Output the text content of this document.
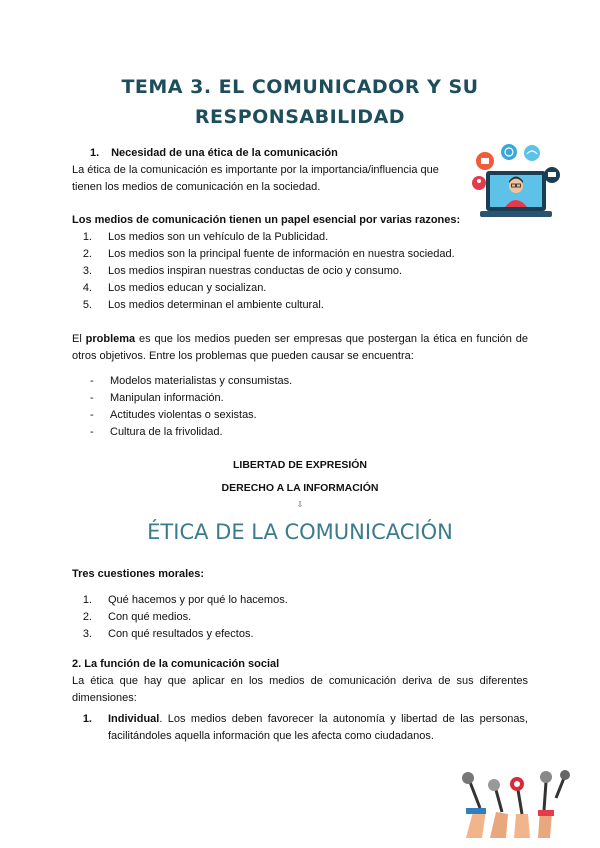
TEMA 3. EL COMUNICADOR Y SU
RESPONSABILIDAD
1. Necesidad de una ética de la comunicación
La ética de la comunicación es importante por la importancia/influencia que tienen los medios de comunicación en la sociedad.
Los medios de comunicación tienen un papel esencial por varias razones:
1. Los medios son un vehículo de la Publicidad.
2. Los medios son la principal fuente de información en nuestra sociedad.
3. Los medios inspiran nuestras conductas de ocio y consumo.
4. Los medios educan y socializan.
5. Los medios determinan el ambiente cultural.
El problema es que los medios pueden ser empresas que postergan la ética en función de otros objetivos. Entre los problemas que pueden causar se encuentra:
- Modelos materialistas y consumistas.
- Manipulan información.
- Actitudes violentas o sexistas.
- Cultura de la frivolidad.
LIBERTAD DE EXPRESIÓN
DERECHO A LA INFORMACIÓN
⇩
ÉTICA DE LA COMUNICACIÓN
Tres cuestiones morales:
1. Qué hacemos y por qué lo hacemos.
2. Con qué medios.
3. Con qué resultados y efectos.
2. La función de la comunicación social
La ética que hay que aplicar en los medios de comunicación deriva de sus diferentes dimensiones:
1. Individual. Los medios deben favorecer la autonomía y libertad de las personas, facilitándoles aquella información que les afecta como ciudadanos.
